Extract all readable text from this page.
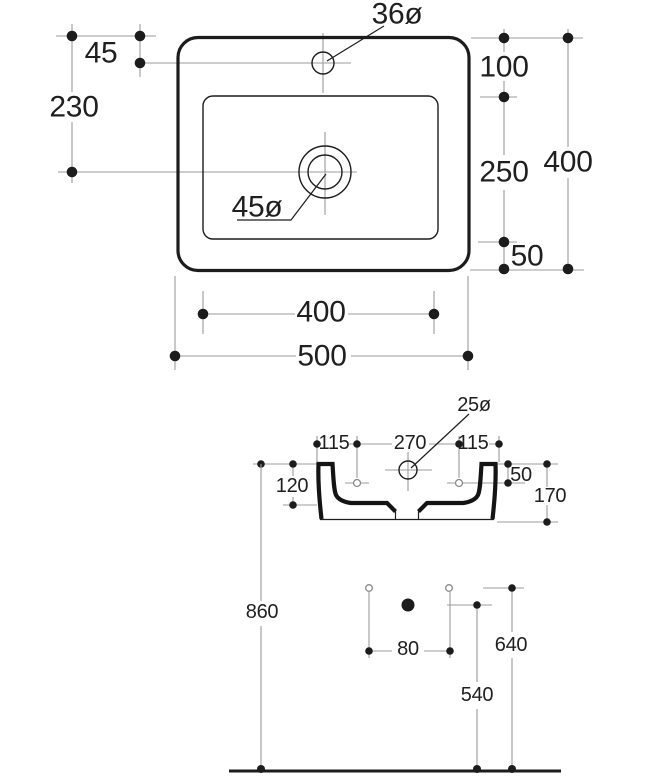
36ø
45
230
100
250
50
400
45ø
400
500
25ø
115 270 115
120	50
170
860
80	640
540
